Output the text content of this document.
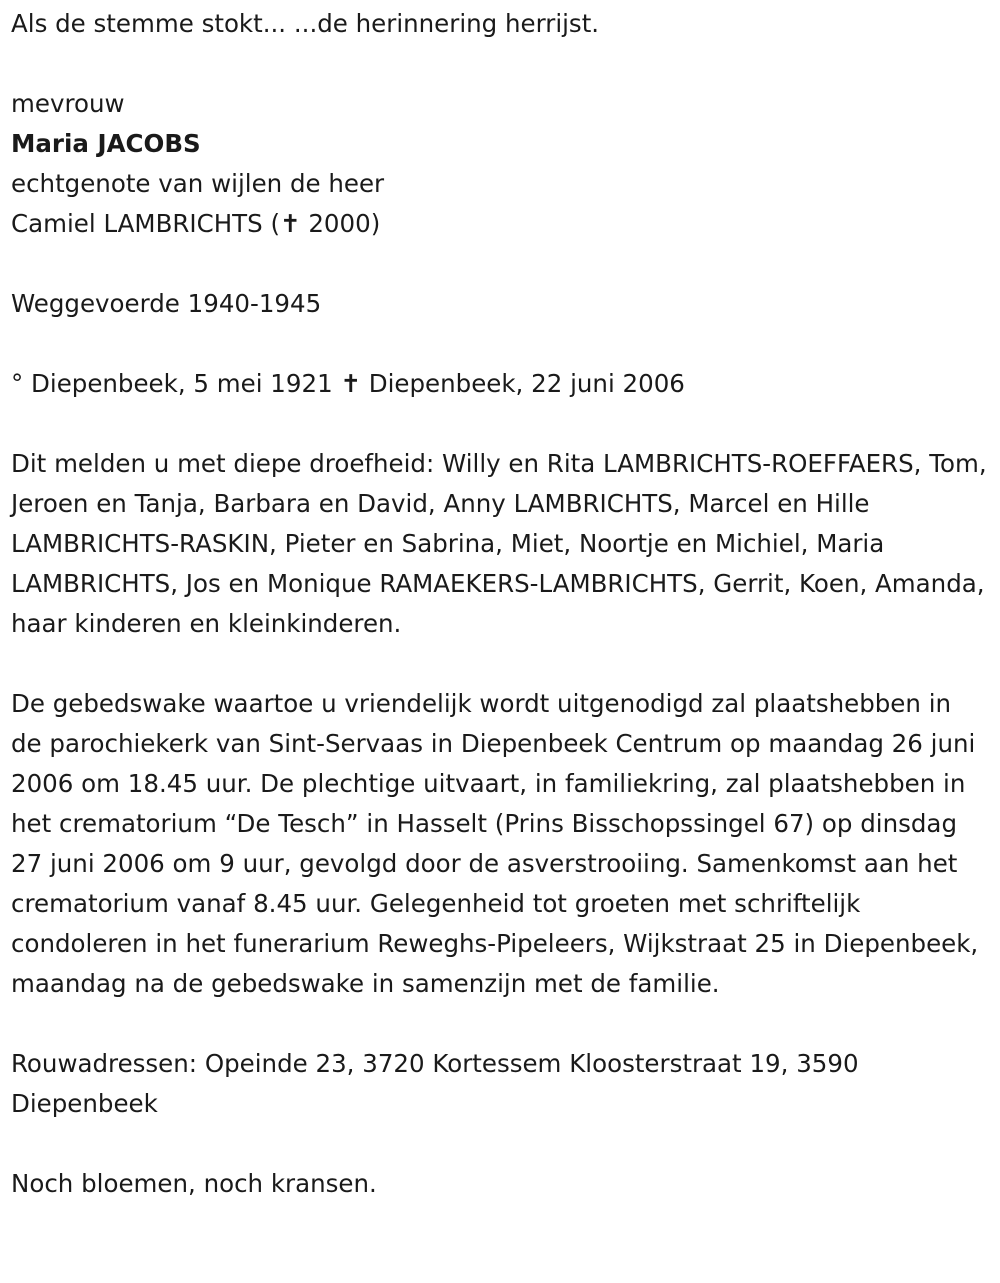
Als de stemme stokt... ...de herinnering herrijst.

mevrouw

Maria JACOBS

echtgenote van wijlen de heer

Camiel LAMBRICHTS (✝ 2000)

Weggevoerde 1940-1945

° Diepenbeek, 5 mei 1921 ✝ Diepenbeek, 22 juni 2006

Dit melden u met diepe droefheid: Willy en Rita LAMBRICHTS-ROEFFAERS, Tom, Jeroen en Tanja, Barbara en David, Anny LAMBRICHTS, Marcel en Hille LAMBRICHTS-RASKIN, Pieter en Sabrina, Miet, Noortje en Michiel, Maria LAMBRICHTS, Jos en Monique RAMAEKERS-LAMBRICHTS, Gerrit, Koen, Amanda, haar kinderen en kleinkinderen.

De gebedswake waartoe u vriendelijk wordt uitgenodigd zal plaatshebben in de parochiekerk van Sint-Servaas in Diepenbeek Centrum op maandag 26 juni 2006 om 18.45 uur. De plechtige uitvaart, in familiekring, zal plaatshebben in het crematorium “De Tesch” in Hasselt (Prins Bisschopssingel 67) op dinsdag 27 juni 2006 om 9 uur, gevolgd door de asverstrooiing. Samenkomst aan het crematorium vanaf 8.45 uur. Gelegenheid tot groeten met schriftelijk condoleren in het funerarium Reweghs-Pipeleers, Wijkstraat 25 in Diepenbeek, maandag na de gebedswake in samenzijn met de familie.

Rouwadressen: Opeinde 23, 3720 Kortessem Kloosterstraat 19, 3590 Diepenbeek

Noch bloemen, noch kransen.
